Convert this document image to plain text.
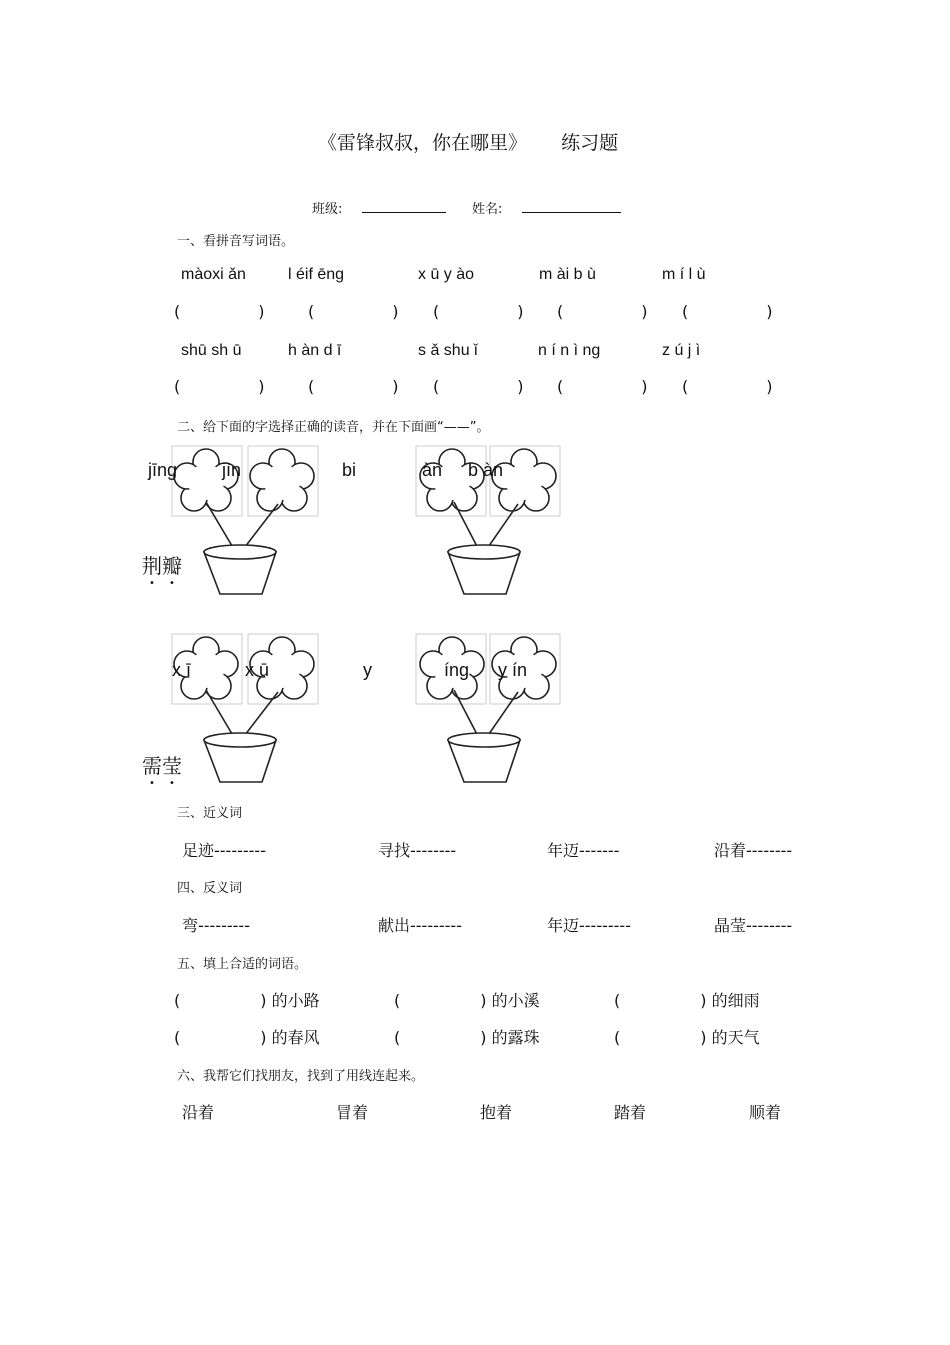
《雷锋叔叔，你在哪里》 练习题
班级:	姓名:
一、看拼音写词语。
màoxi ǎn	l éif ēng	x ū y ào	m ài b ù	m í l ù
(	)	(	) (	) (	) (	)
shū sh ū	h àn d ī	s ǎ shu ǐ	n í n ì ng	z ú j ì
(	)	(	) (	) (	) (	)
二、给下面的字选择正确的读音，并在下面画“——”。
jīng jìn	bi	àn b àn
x ī	x ū	y	íng y ín
荆瓣
需莹
三、近义词
足迹---------	寻找--------	年迈-------	沿着--------
四、反义词
弯---------	献出---------	年迈---------	晶莹--------
五、填上合适的词语。
(	) 的小路	(	) 的小溪	(	) 的细雨
(	) 的春风	(	) 的露珠	(	) 的天气
六、我帮它们找朋友，找到了用线连起来。
沿着	冒着	抱着	踏着	顺着
